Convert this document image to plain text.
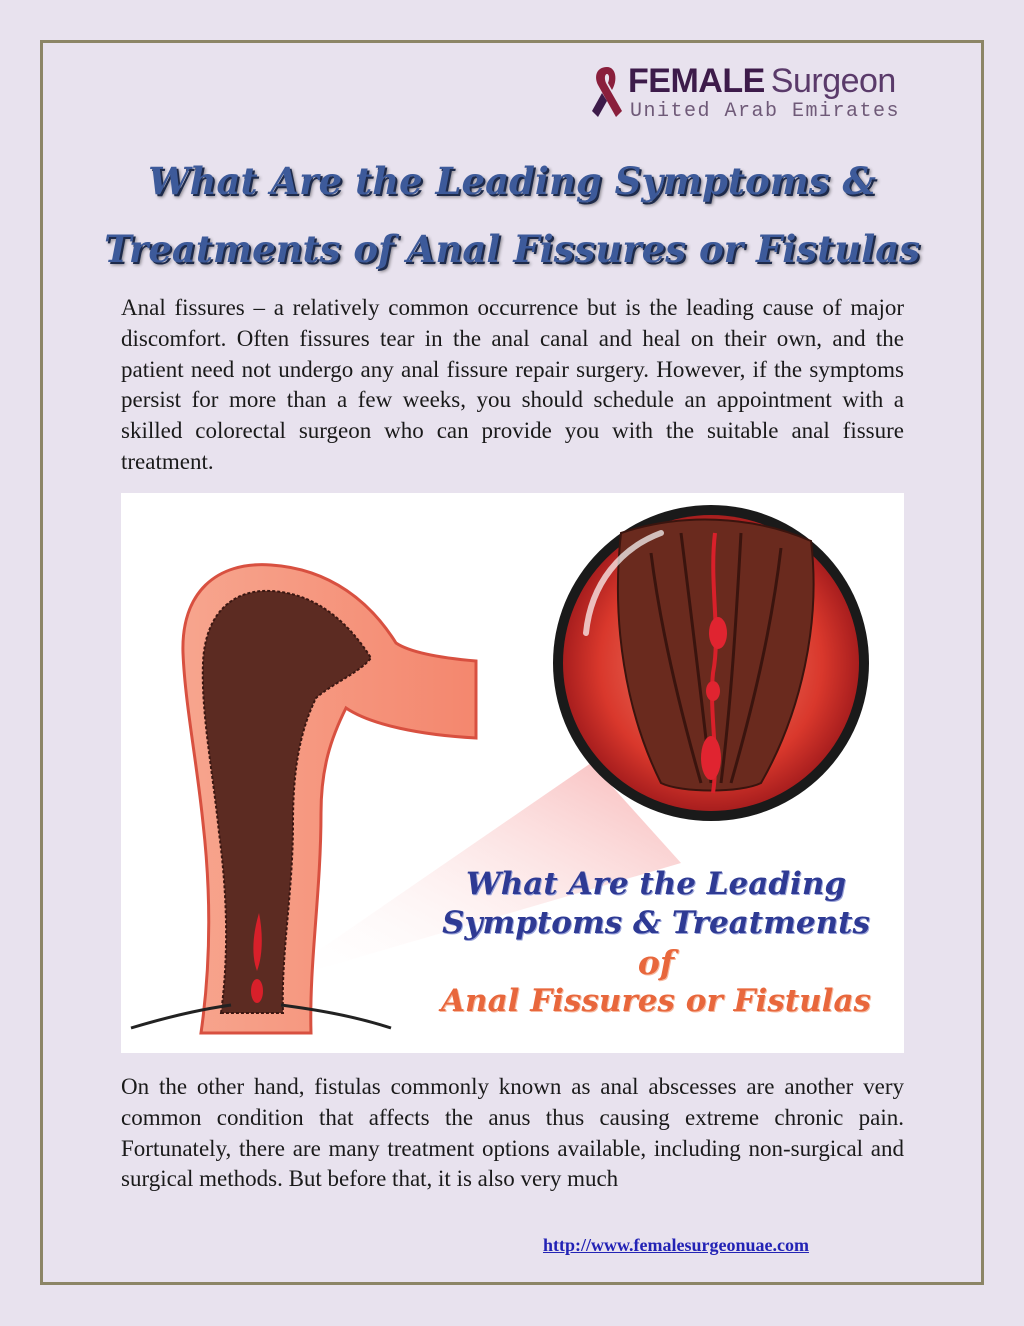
FEMALE Surgeon
United Arab Emirates
What Are the Leading Symptoms &
Treatments of Anal Fissures or Fistulas

Anal fissures – a relatively common occurrence but is the leading cause of major discomfort. Often fissures tear in the anal canal and heal on their own, and the patient need not undergo any anal fissure repair surgery. However, if the symptoms persist for more than a few weeks, you should schedule an appointment with a skilled colorectal surgeon who can provide you with the suitable anal fissure treatment.

What Are the Leading
Symptoms & Treatments
of
Anal Fissures or Fistulas

On the other hand, fistulas commonly known as anal abscesses are another very common condition that affects the anus thus causing extreme chronic pain. Fortunately, there are many treatment options available, including non-surgical and surgical methods. But before that, it is also very much

http://www.femalesurgeonuae.com
